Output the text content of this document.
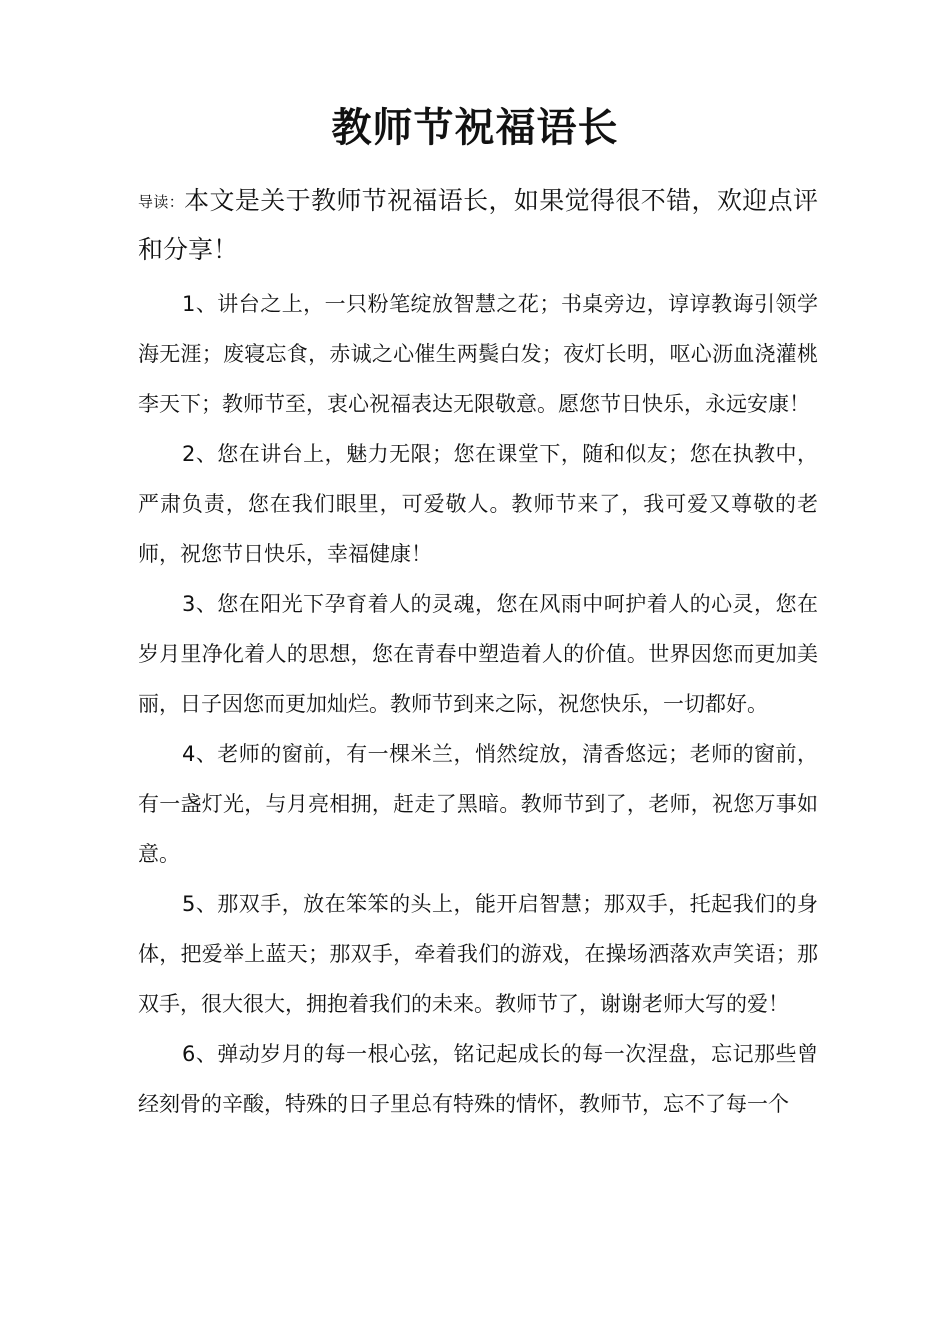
教师节祝福语长
导读：本文是关于教师节祝福语长，如果觉得很不错，欢迎点评和分享！

1、讲台之上，一只粉笔绽放智慧之花；书桌旁边，谆谆教诲引领学海无涯；废寝忘食，赤诚之心催生两鬓白发；夜灯长明，呕心沥血浇灌桃李天下；教师节至，衷心祝福表达无限敬意。愿您节日快乐，永远安康！

2、您在讲台上，魅力无限；您在课堂下，随和似友；您在执教中，严肃负责，您在我们眼里，可爱敬人。教师节来了，我可爱又尊敬的老师，祝您节日快乐，幸福健康！

3、您在阳光下孕育着人的灵魂，您在风雨中呵护着人的心灵，您在岁月里净化着人的思想，您在青春中塑造着人的价值。世界因您而更加美丽，日子因您而更加灿烂。教师节到来之际，祝您快乐，一切都好。

4、老师的窗前，有一棵米兰，悄然绽放，清香悠远；老师的窗前，有一盏灯光，与月亮相拥，赶走了黑暗。教师节到了，老师，祝您万事如意。

5、那双手，放在笨笨的头上，能开启智慧；那双手，托起我们的身体，把爱举上蓝天；那双手，牵着我们的游戏，在操场洒落欢声笑语；那双手，很大很大，拥抱着我们的未来。教师节了，谢谢老师大写的爱！

6、弹动岁月的每一根心弦，铭记起成长的每一次涅盘，忘记那些曾经刻骨的辛酸，特殊的日子里总有特殊的情怀，教师节，忘不了每一个
